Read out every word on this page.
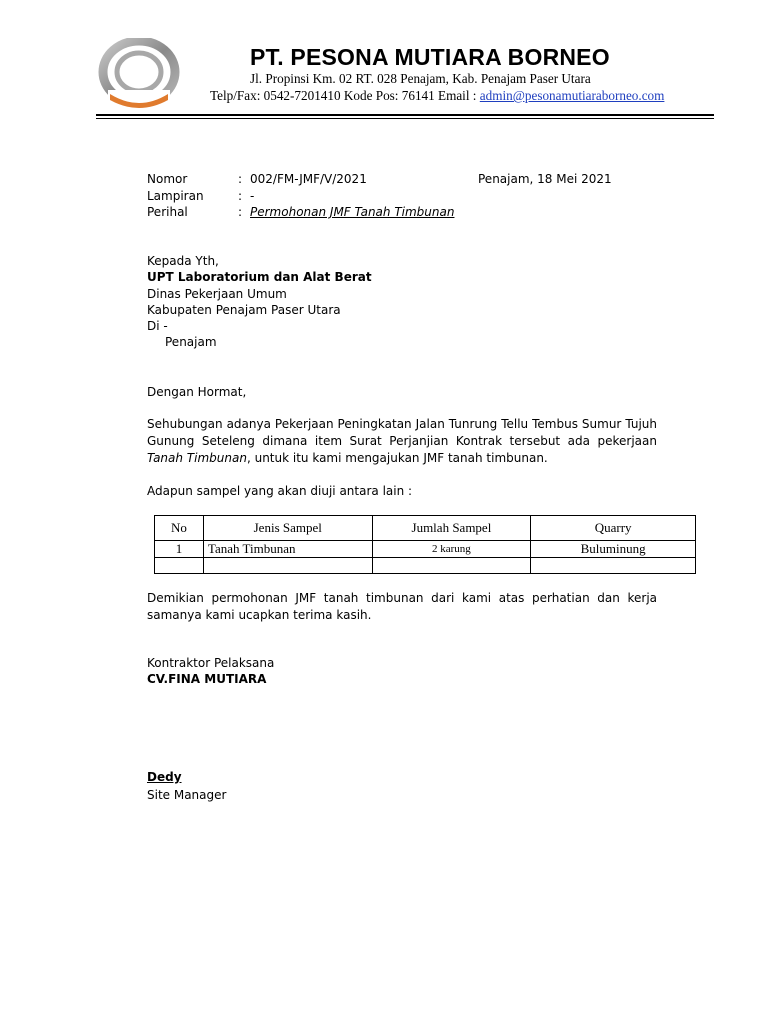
PT. PESONA MUTIARA BORNEO
Jl. Propinsi Km. 02 RT. 028 Penajam, Kab. Penajam Paser Utara
Telp/Fax: 0542-7201410 Kode Pos: 76141 Email : admin@pesonamutiaraborneo.com
Nomor	: 002/FM-JMF/V/2021	Penajam, 18 Mei 2021
Lampiran	: -
Perihal	: Permohonan JMF Tanah Timbunan
Kepada Yth,
UPT Laboratorium dan Alat Berat
Dinas Pekerjaan Umum
Kabupaten Penajam Paser Utara
Di -
Penajam
Dengan Hormat,
Sehubungan adanya Pekerjaan Peningkatan Jalan Tunrung Tellu Tembus Sumur Tujuh Gunung Seteleng dimana item Surat Perjanjian Kontrak tersebut ada pekerjaan Tanah Timbunan, untuk itu kami mengajukan JMF tanah timbunan.
Adapun sampel yang akan diuji antara lain :
No	Jenis Sampel	Jumlah Sampel	Quarry
1	Tanah Timbunan	2 karung	Buluminung

Demikian permohonan JMF tanah timbunan dari kami atas perhatian dan kerja samanya kami ucapkan terima kasih.
Kontraktor Pelaksana
CV.FINA MUTIARA
Dedy
Site Manager
